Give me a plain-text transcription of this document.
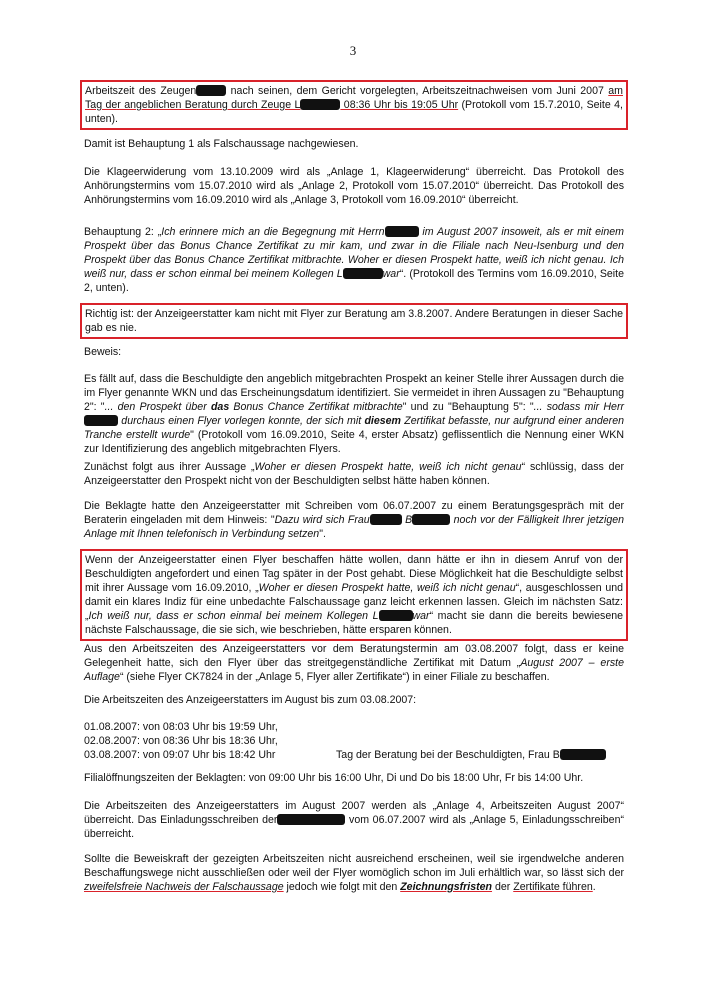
3
Arbeitszeit des Zeugen	nach seinen, dem Gericht vorgelegten, Arbeitszeitnachweisen vom Juni 2007 am Tag der angeblichen Beratung durch Zeuge L	08:36 Uhr bis 19:05 Uhr (Protokoll vom 15.7.2010, Seite 4, unten).

Damit ist Behauptung 1 als Falschaussage nachgewiesen.

Die Klageerwiderung vom 13.10.2009 wird als „Anlage 1, Klageerwiderung“ überreicht. Das Protokoll des Anhörungstermins vom 15.07.2010 wird als „Anlage 2, Protokoll vom 15.07.2010“ überreicht. Das Protokoll des Anhörungstermins vom 16.09.2010 wird als „Anlage 3, Protokoll vom 16.09.2010“ überreicht.

Behauptung 2: „Ich erinnere mich an die Begegnung mit Herrn	im August 2007 insoweit, als er mit einem Prospekt über das Bonus Chance Zertifikat zu mir kam, und zwar in die Filiale nach Neu-Isenburg und den Prospekt über das Bonus Chance Zertifikat mitbrachte. Woher er diesen Prospekt hatte, weiß ich nicht genau. Ich weiß nur, dass er schon einmal bei meinem Kollegen L	war“. (Protokoll des Termins vom 16.09.2010, Seite 2, unten).

Richtig ist: der Anzeigeerstatter kam nicht mit Flyer zur Beratung am 3.8.2007. Andere Beratungen in dieser Sache gab es nie.

Beweis:

Es fällt auf, dass die Beschuldigte den angeblich mitgebrachten Prospekt an keiner Stelle ihrer Aussagen durch die im Flyer genannte WKN und das Erscheinungsdatum identifiziert. Sie vermeidet in ihren Aussagen zu "Behauptung 2": "... den Prospekt über das Bonus Chance Zertifikat mitbrachte" und zu "Behauptung 5": "... sodass mir Herr durchaus einen Flyer vorlegen konnte, der sich mit diesem Zertifikat befasste, nur aufgrund einer anderen Tranche erstellt wurde" (Protokoll vom 16.09.2010, Seite 4, erster Absatz) geflissentlich die Nennung einer WKN zur Identifizierung des angeblich mitgebrachten Flyers.

Zunächst folgt aus ihrer Aussage „Woher er diesen Prospekt hatte, weiß ich nicht genau“ schlüssig, dass der Anzeigeerstatter den Prospekt nicht von der Beschuldigten selbst hätte haben können.

Die Beklagte hatte den Anzeigeerstatter mit Schreiben vom 06.07.2007 zu einem Beratungsgespräch mit der Beraterin eingeladen mit dem Hinweis: "Dazu wird sich Frau	B	noch vor der Fälligkeit Ihrer jetzigen Anlage mit Ihnen telefonisch in Verbindung setzen".

Wenn der Anzeigeerstatter einen Flyer beschaffen hätte wollen, dann hätte er ihn in diesem Anruf von der Beschuldigten angefordert und einen Tag später in der Post gehabt. Diese Möglichkeit hat die Beschuldigte selbst mit ihrer Aussage vom 16.09.2010, „Woher er diesen Prospekt hatte, weiß ich nicht genau“, ausgeschlossen und damit ein klares Indiz für eine unbedachte Falschaussage ganz leicht erkennen lassen. Gleich im nächsten Satz: „Ich weiß nur, dass er schon einmal bei meinem Kollegen L	war“ macht sie dann die bereits bewiesene nächste Falschaussage, die sie sich, wie beschrieben, hätte ersparen können.

Aus den Arbeitszeiten des Anzeigeerstatters vor dem Beratungstermin am 03.08.2007 folgt, dass er keine Gelegenheit hatte, sich den Flyer über das streitgegenständliche Zertifikat mit Datum „August 2007 – erste Auflage“ (siehe Flyer CK7824 in der „Anlage 5, Flyer aller Zertifikate“) in einer Filiale zu beschaffen.

Die Arbeitszeiten des Anzeigeerstatters im August bis zum 03.08.2007:

01.08.2007: von 08:03 Uhr bis 19:59 Uhr,
02.08.2007: von 08:36 Uhr bis 18:36 Uhr,
03.08.2007: von 09:07 Uhr bis 18:42 Uhr	Tag der Beratung bei der Beschuldigten, Frau B

Filialöffnungszeiten der Beklagten: von 09:00 Uhr bis 16:00 Uhr, Di und Do bis 18:00 Uhr, Fr bis 14:00 Uhr.

Die Arbeitszeiten des Anzeigeerstatters im August 2007 werden als „Anlage 4, Arbeitszeiten August 2007“ überreicht. Das Einladungsschreiben der	vom 06.07.2007 wird als „Anlage 5, Einladungsschreiben“ überreicht.

Sollte die Beweiskraft der gezeigten Arbeitszeiten nicht ausreichend erscheinen, weil sie irgendwelche anderen Beschaffungswege nicht ausschließen oder weil der Flyer womöglich schon im Juli erhältlich war, so lässt sich der zweifelsfreie Nachweis der Falschaussage jedoch wie folgt mit den Zeichnungsfristen der Zertifikate führen.
